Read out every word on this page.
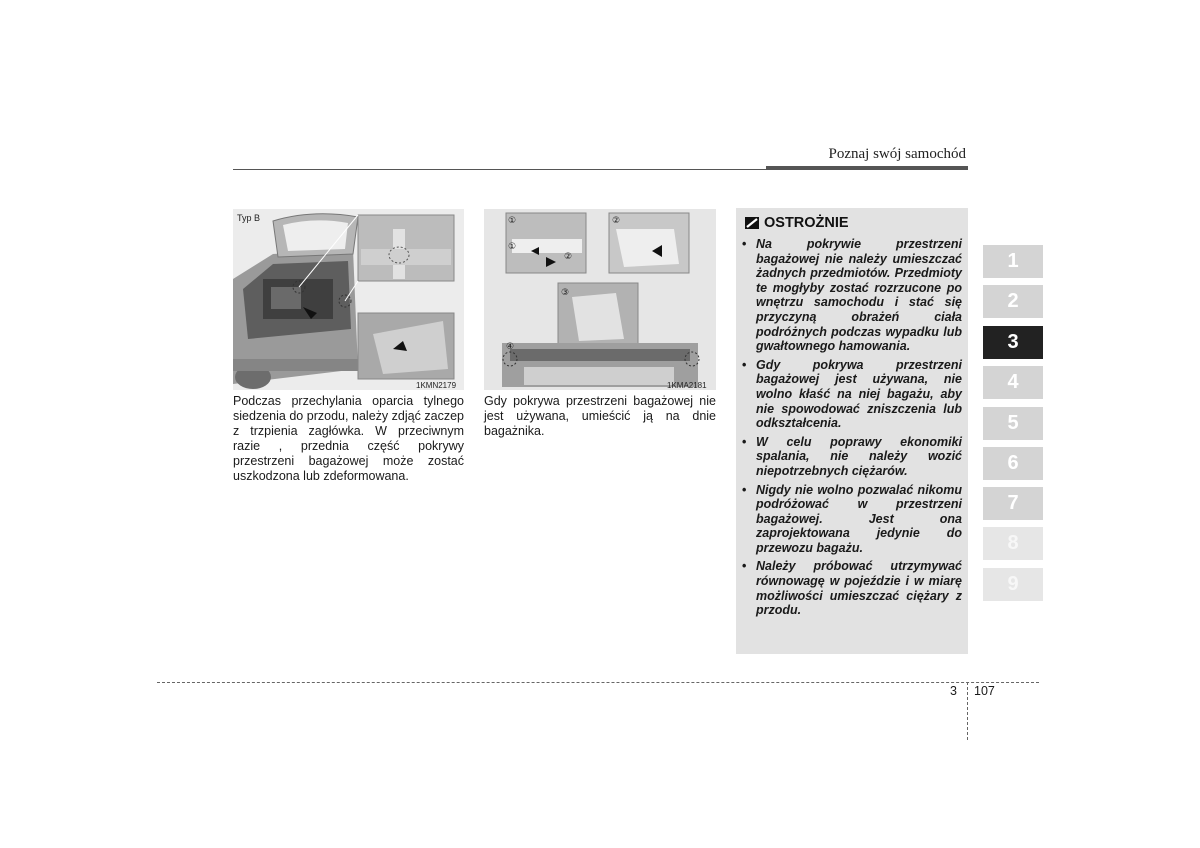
Poznaj swój samochód
Typ B
1KMN2179
①	②
③
④
①
②
1KMA2181

Podczas przechylania oparcia tylnego siedzenia do przodu, należy zdjąć zaczep z trzpienia zagłówka. W przeciwnym razie , przednia część pokrywy przestrzeni bagażowej może zostać uszkodzona lub zdeformowana.

Gdy pokrywa przestrzeni bagażowej nie jest używana, umieścić ją na dnie bagażnika.

OSTROŻNIE
• Na pokrywie przestrzeni bagażowej nie należy umieszczać żadnych przedmiotów. Przedmioty te mogłyby zostać rozrzucone po wnętrzu samochodu i stać się przyczyną obrażeń ciała podróżnych podczas wypadku lub gwałtownego hamowania.
• Gdy pokrywa przestrzeni bagażowej jest używana, nie wolno kłaść na niej bagażu, aby nie spowodować zniszczenia lub odkształcenia.
• W celu poprawy ekonomiki spalania, nie należy wozić niepotrzebnych ciężarów.
• Nigdy nie wolno pozwalać nikomu podróżować w przestrzeni bagażowej. Jest ona zaprojektowana jedynie do przewozu bagażu.
• Należy próbować utrzymywać równowagę w pojeździe i w miarę możliwości umieszczać ciężary z przodu.
1
2
3
4
5
6
7
8
9
3 107
